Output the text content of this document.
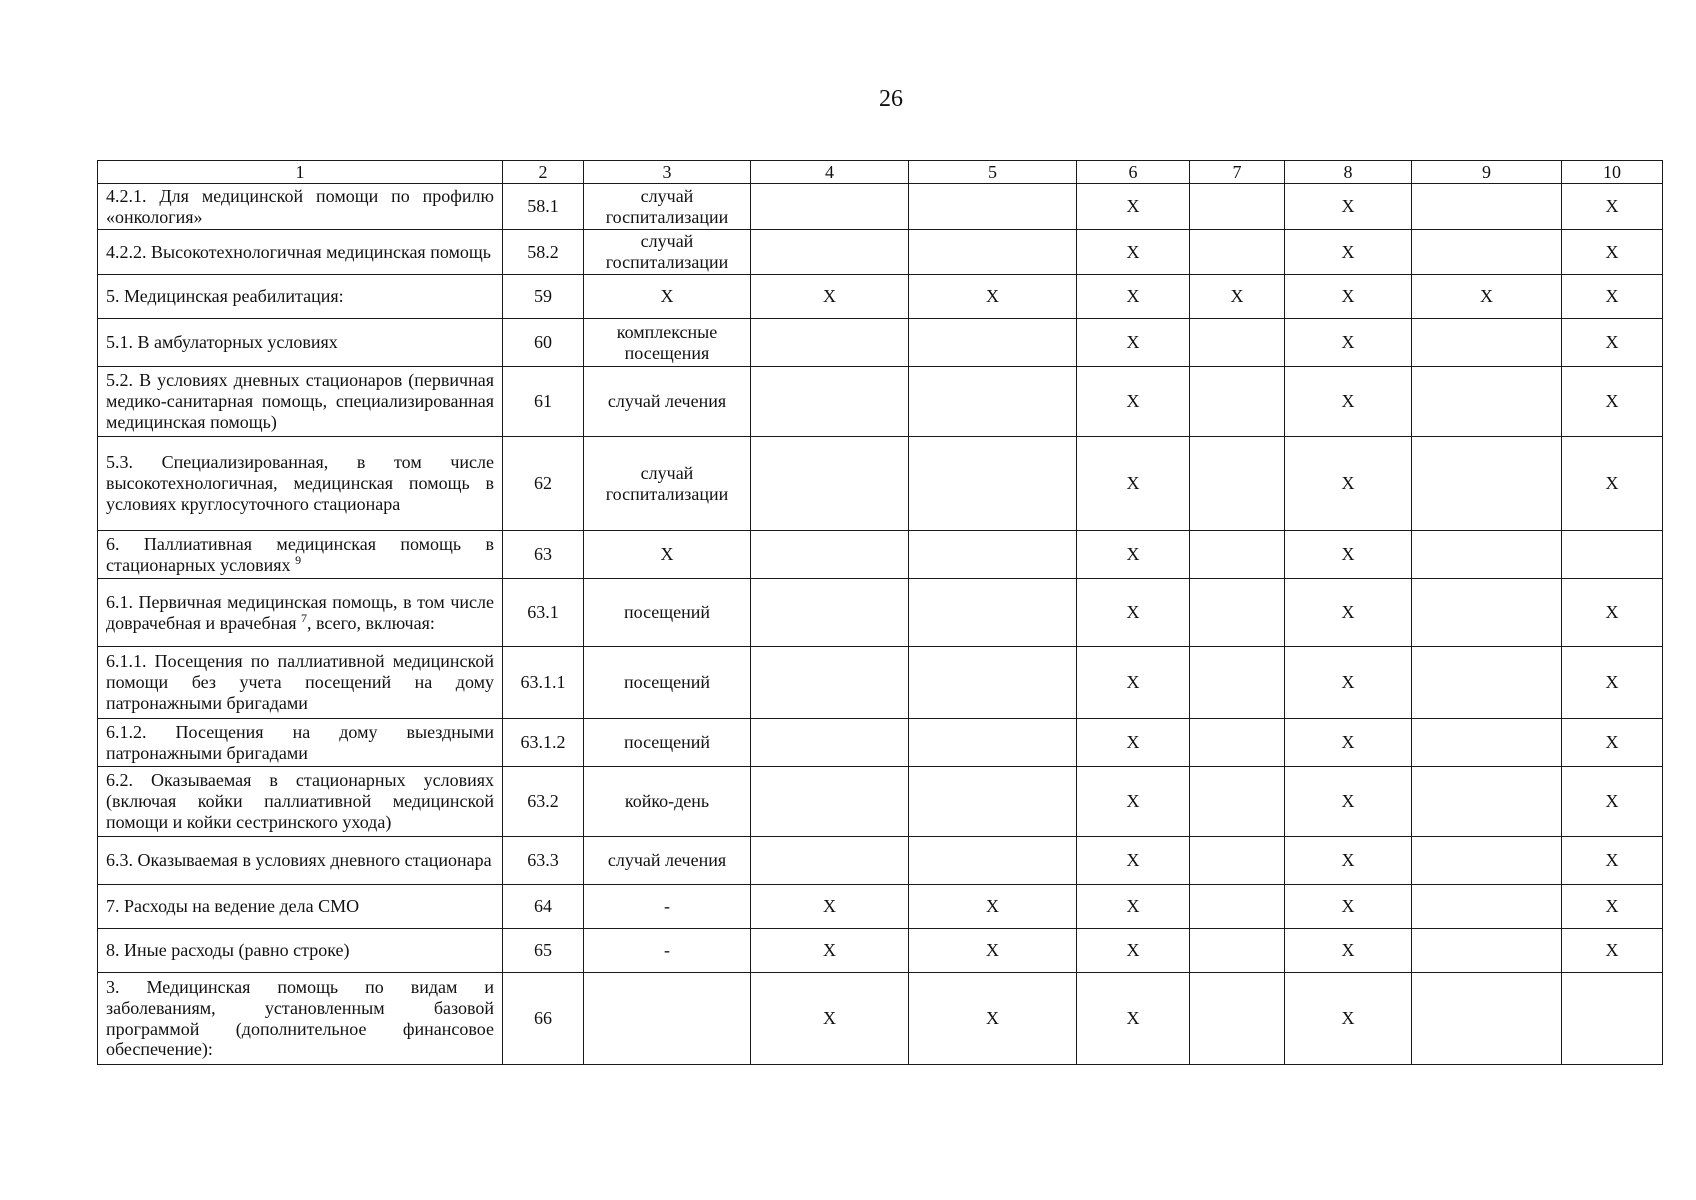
26
1	2	3	4	5	6	7	8	9	10
4.2.1. Для медицинской помощи по профилю «онкология»	58.1	случай госпитализации			X		X		X
4.2.2. Высокотехнологичная медицинская помощь	58.2	случай госпитализации			X		X		X
5. Медицинская реабилитация:	59	X	X	X	X	X	X	X	X
5.1. В амбулаторных условиях	60	комплексные посещения			X		X		X
5.2. В условиях дневных стационаров (первичная медико-санитарная помощь, специализированная медицинская помощь)	61	случай лечения			X		X		X
5.3. Специализированная, в том числе высокотехнологичная, медицинская помощь в условиях круглосуточного стационара	62	случай госпитализации			X		X		X
6. Паллиативная медицинская помощь в стационарных условиях $^9$	63	X			X		X		
6.1. Первичная медицинская помощь, в том числе доврачебная и врачебная $^7$, всего, включая:	63.1	посещений			X		X		X
6.1.1. Посещения по паллиативной медицинской помощи без учета посещений на дому патронажными бригадами	63.1.1	посещений			X		X		X
6.1.2. Посещения на дому выездными патронажными бригадами	63.1.2	посещений			X		X		X
6.2. Оказываемая в стационарных условиях (включая койки паллиативной медицинской помощи и койки сестринского ухода)	63.2	койко-день			X		X		X
6.3. Оказываемая в условиях дневного стационара	63.3	случай лечения			X		X		X
7. Расходы на ведение дела СМО	64	-	X	X	X		X		X
8. Иные расходы (равно строке)	65	-	X	X	X		X		X
3. Медицинская помощь по видам и заболеваниям, установленным базовой программой (дополнительное финансовое обеспечение):	66		X	X	X		X		
